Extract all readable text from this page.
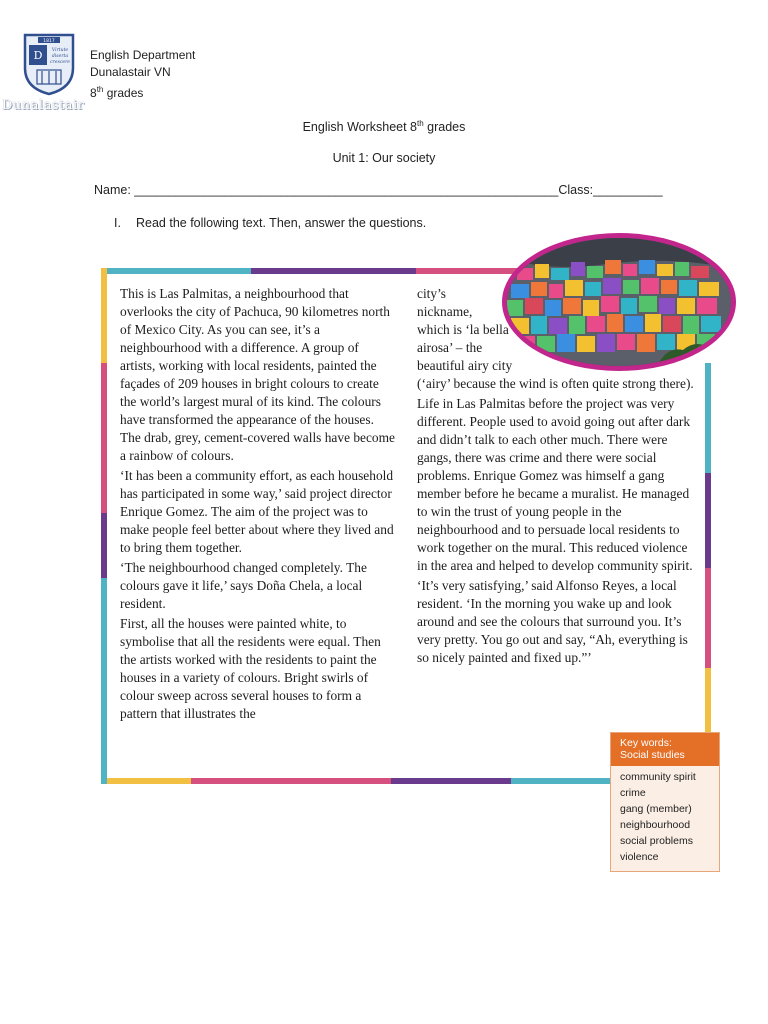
1817
D Virtute
diserta
crescere
Dunalastair
English Department
Dunalastair VN
8th grades
English Worksheet 8th grades
Unit 1: Our society
Name: _____________________________________________________________Class:__________
I. Read the following text. Then, answer the questions.

This is Las Palmitas, a neighbourhood that overlooks the city of Pachuca, 90 kilometres north of Mexico City. As you can see, it’s a neighbourhood with a difference. A group of artists, working with local residents, painted the façades of 209 houses in bright colours to create the world’s largest mural of its kind. The colours have transformed the appearance of the houses. The drab, grey, cement-covered walls have become a rainbow of colours.

‘It has been a community effort, as each household has participated in some way,’ said project director Enrique Gomez. The aim of the project was to make people feel better about where they lived and to bring them together.

‘The neighbourhood changed completely. The colours gave it life,’ says Doña Chela, a local resident.

First, all the houses were painted white, to symbolise that all the residents were equal. Then the artists worked with the residents to paint the houses in a variety of colours. Bright swirls of colour sweep across several houses to form a pattern that illustrates the

city’s
nickname,
which is ‘la bella
airosa’ – the
beautiful airy city

(‘airy’ because the wind is often quite strong there).

Life in Las Palmitas before the project was very different. People used to avoid going out after dark and didn’t talk to each other much. There were gangs, there was crime and there were social problems. Enrique Gomez was himself a gang member before he became a muralist. He managed to win the trust of young people in the neighbourhood and to persuade local residents to work together on the mural. This reduced violence in the area and helped to develop community spirit.

‘It’s very satisfying,’ said Alfonso Reyes, a local resident. ‘In the morning you wake up and look around and see the colours that surround you. It’s very pretty. You go out and say, “Ah, everything is so nicely painted and fixed up.”’

Key words:
Social studies
community spirit
crime
gang (member)
neighbourhood
social problems
violence
